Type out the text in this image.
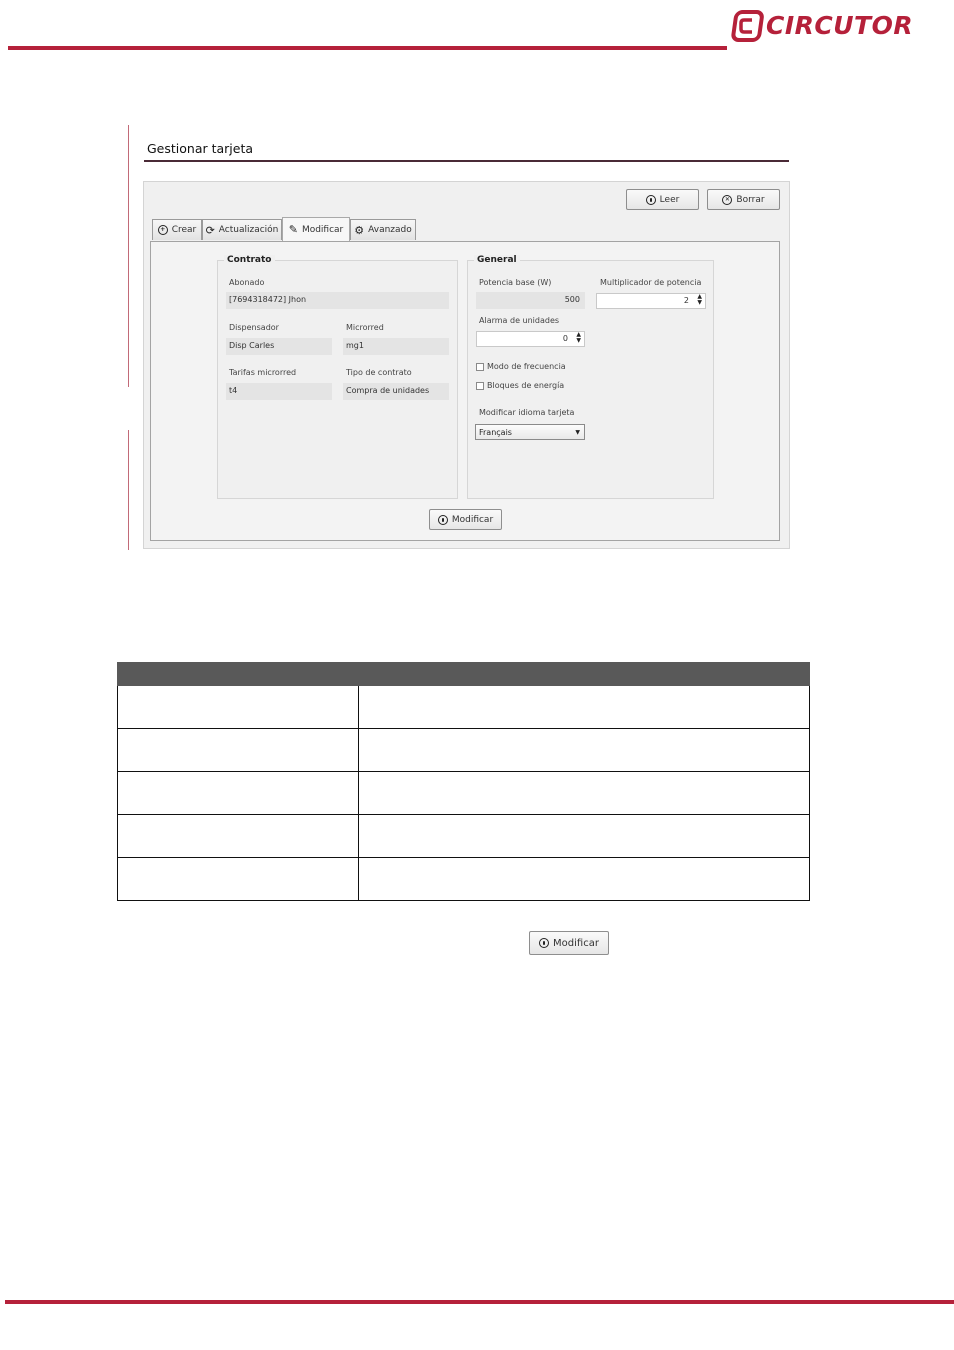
CIRCUTOR
Gestionar tarjeta
Leer	✕ Borrar
+ Crear ⟳ Actualización ✎ Modificar ⚙ Avanzado
Contrato
Abonado
[7694318472] Jhon
Dispensador
Disp Carles
Microrred
mg1
Tarifas microrred
t4
Tipo de contrato
Compra de unidades
General
Potencia base (W)
500
Multiplicador de potencia
2 ▲
▼
Alarma de unidades
0 ▲
▼
Modo de frecuencia
Bloques de energía
Modificar idioma tarjeta
Français	▼
Modificar

Modificar
